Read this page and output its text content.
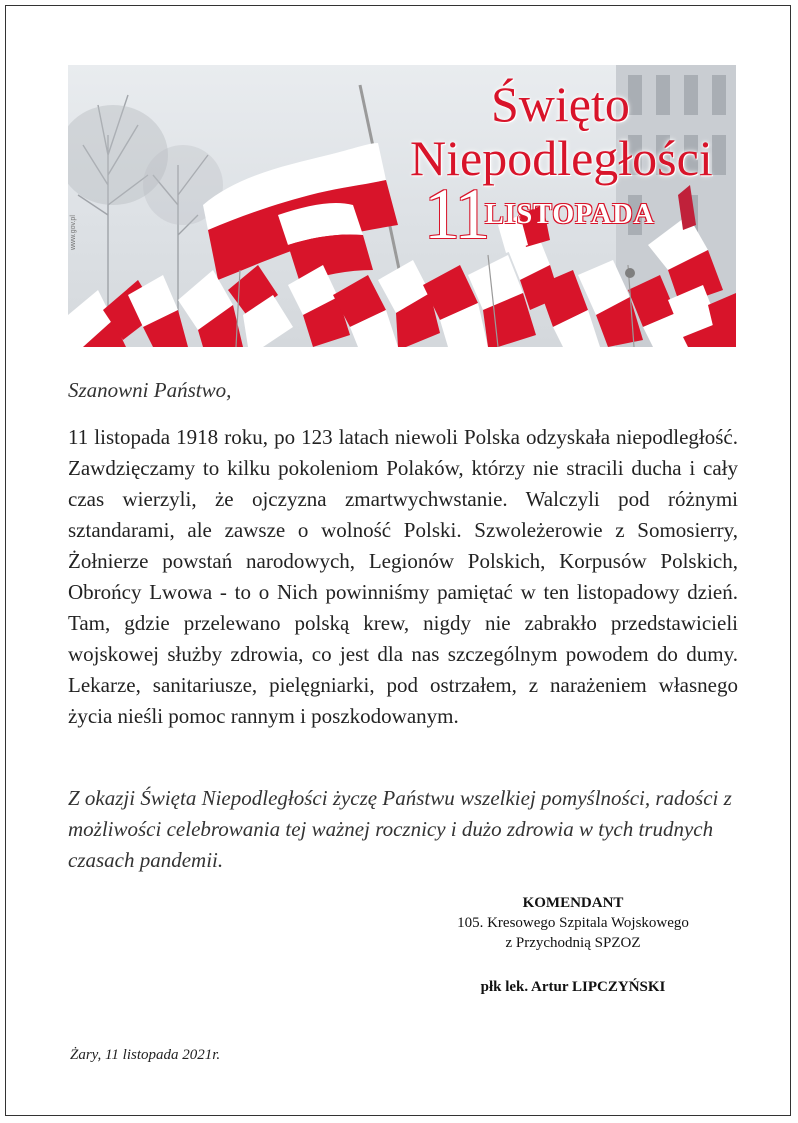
www.gov.pl
Święto
Niepodległości
11
LISTOPADA
Szanowni Państwo,
11 listopada 1918 roku, po 123 latach niewoli Polska odzyskała niepodległość. Zawdzięczamy to kilku pokoleniom Polaków, którzy nie stracili ducha i cały czas wierzyli, że ojczyzna zmartwychwstanie. Walczyli pod różnymi sztandarami, ale zawsze o wolność Polski. Szwoleżerowie z Somosierry, Żołnierze powstań narodowych, Legionów Polskich, Korpusów Polskich, Obrońcy Lwowa - to o Nich powinniśmy pamiętać w ten listopadowy dzień. Tam, gdzie przelewano polską krew, nigdy nie zabrakło przedstawicieli wojskowej służby zdrowia, co jest dla nas szczególnym powodem do dumy. Lekarze, sanitariusze, pielęgniarki, pod ostrzałem, z narażeniem własnego życia nieśli pomoc rannym i poszkodowanym.
Z okazji Święta Niepodległości życzę Państwu wszelkiej pomyślności, radości z możliwości celebrowania tej ważnej rocznicy i dużo zdrowia w tych trudnych czasach pandemii.
KOMENDANT
105. Kresowego Szpitala Wojskowego
z Przychodnią SPZOZ
płk lek. Artur LIPCZYŃSKI
Żary, 11 listopada 2021r.
